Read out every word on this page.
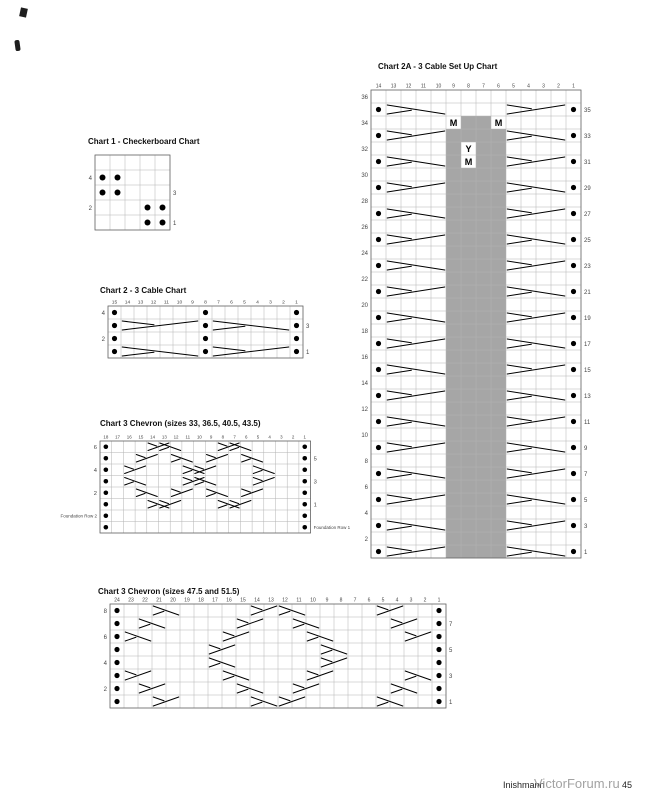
Chart 1 - Checkerboard Chart
Chart 2 - 3 Cable Chart
Chart 2A - 3 Cable Set Up Chart
Chart 3 Chevron (sizes 33, 36.5, 40.5, 43.5)
Chart 3 Chevron (sizes 47.5 and 51.5)
Inishmann	45
VictorForum.ru
4
2
3
1
15 14 13 12 11 10 9 8 7 6 5 4 3 2 1
4
2
3
1
14 13 12 11 10 9 8 7 6 5 4 3 2 1
36
34
32
30
28
26
24
22
20
18
16
14
12
10
8
6
4
2
35
33
31
29
27
25
23
21
19
17
15
13
11
9
7
5
3
1
M	M
Y
M
18 17 16 15 14 13 12 11 10 9 8 7 6 5 4 3 2 1
6
4
2
5
3
1
Foundation Row 2
Foundation Row 1
24 23 22 21 20 19 18 17 16 15 14 13 12 11 10 9 8 7 6 5 4 3 2 1
8
6
4
2
7
5
3
1
